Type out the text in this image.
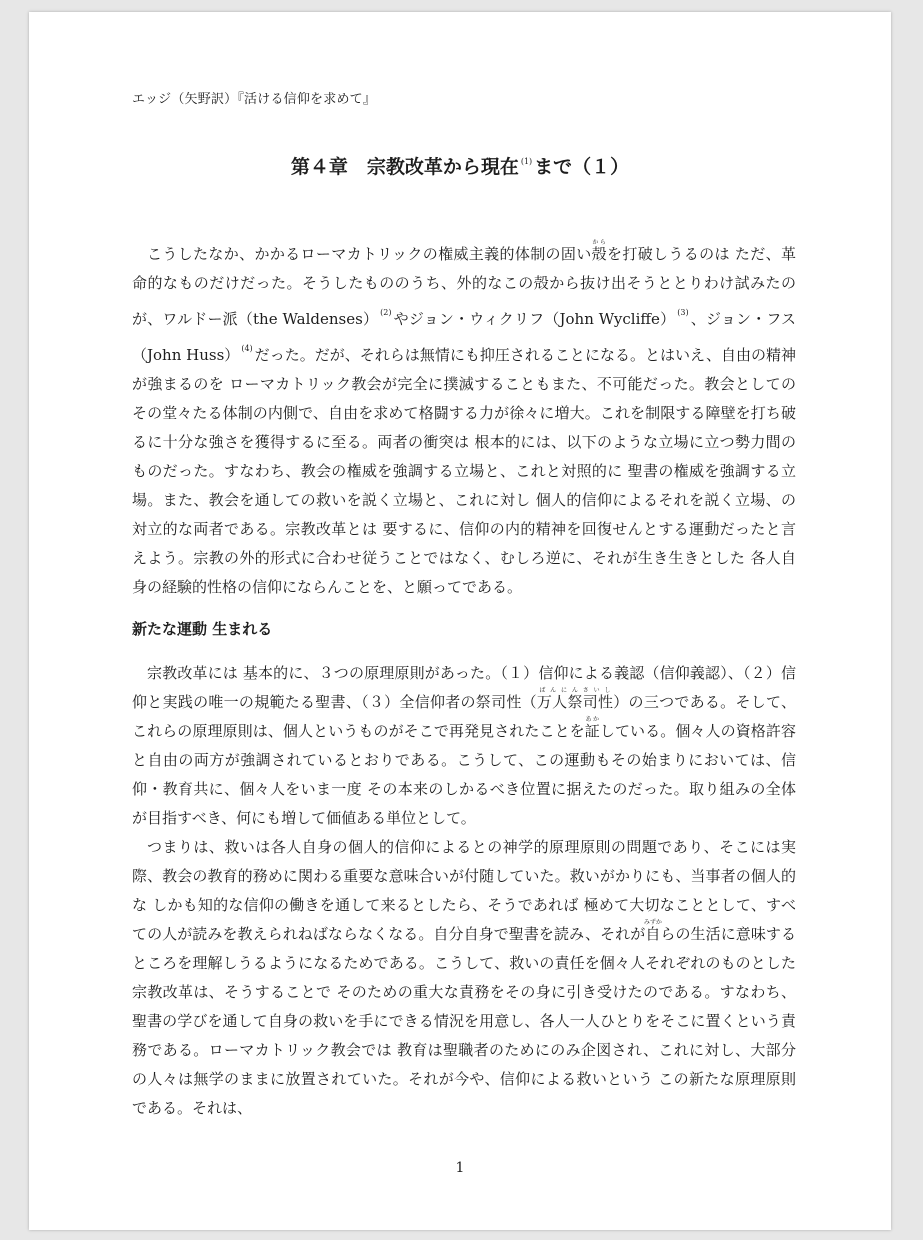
エッジ（矢野訳）『活ける信仰を求めて』
第４章　宗教改革から現在 $^{(1)}$ まで（１）

こうしたなか、かかるローマカトリックの権威主義的体制の固い殻からを打破しうるのは ただ、革命的なものだけだった。そうしたもののうち、外的なこの殻から抜け出そうととりわけ試みたのが、ワルドー派（the Waldenses） $^{(2)}$ やジョン・ウィクリフ（John Wycliffe） $^{(3)}$ 、ジョン・フス（John Huss） $^{(4)}$ だった。だが、それらは無情にも抑圧されることになる。とはいえ、自由の精神が強まるのを ローマカトリック教会が完全に撲滅することもまた、不可能だった。教会としての その堂々たる体制の内側で、自由を求めて格闘する力が徐々に増大。これを制限する障壁を打ち破るに十分な強さを獲得するに至る。両者の衝突は 根本的には、以下のような立場に立つ勢力間のものだった。すなわち、教会の権威を強調する立場と、これと対照的に 聖書の権威を強調する立場。また、教会を通しての救いを説く立場と、これに対し 個人的信仰によるそれを説く立場、の対立的な両者である。宗教改革とは 要するに、信仰の内的精神を回復せんとする運動だったと言えよう。宗教の外的形式に合わせ従うことではなく、むしろ逆に、それが生き生きとした 各人自身の経験的性格の信仰にならんことを、と願ってである。

新たな運動 生まれる

宗教改革には 基本的に、３つの原理原則があった。（１）信仰による義認（信仰義認）、（２）信仰と実践の唯一の規範たる聖書、（３）全信仰者の祭司性（万人祭司性ばんにんさいし）の三つである。そして、これらの原理原則は、個人というものがそこで再発見されたことを証あかしている。個々人の資格許容と自由の両方が強調されているとおりである。こうして、この運動もその始まりにおいては、信仰・教育共に、個々人をいま一度 その本来のしかるべき位置に据えたのだった。取り組みの全体が目指すべき、何にも増して価値ある単位として。

つまりは、救いは各人自身の個人的信仰によるとの神学的原理原則の問題であり、そこには実際、教会の教育的務めに関わる重要な意味合いが付随していた。救いがかりにも、当事者の個人的な しかも知的な信仰の働きを通して来るとしたら、そうであれば 極めて大切なこととして、すべての人が読みを教えられねばならなくなる。自分自身で聖書を読み、それが自みずからの生活に意味するところを理解しうるようになるためである。こうして、救いの責任を個々人それぞれのものとした宗教改革は、そうすることで そのための重大な責務をその身に引き受けたのである。すなわち、聖書の学びを通して自身の救いを手にできる情況を用意し、各人一人ひとりをそこに置くという責務である。ローマカトリック教会では 教育は聖職者のためにのみ企図され、これに対し、大部分の人々は無学のままに放置されていた。それが今や、信仰による救いという この新たな原理原則である。それは、

1
